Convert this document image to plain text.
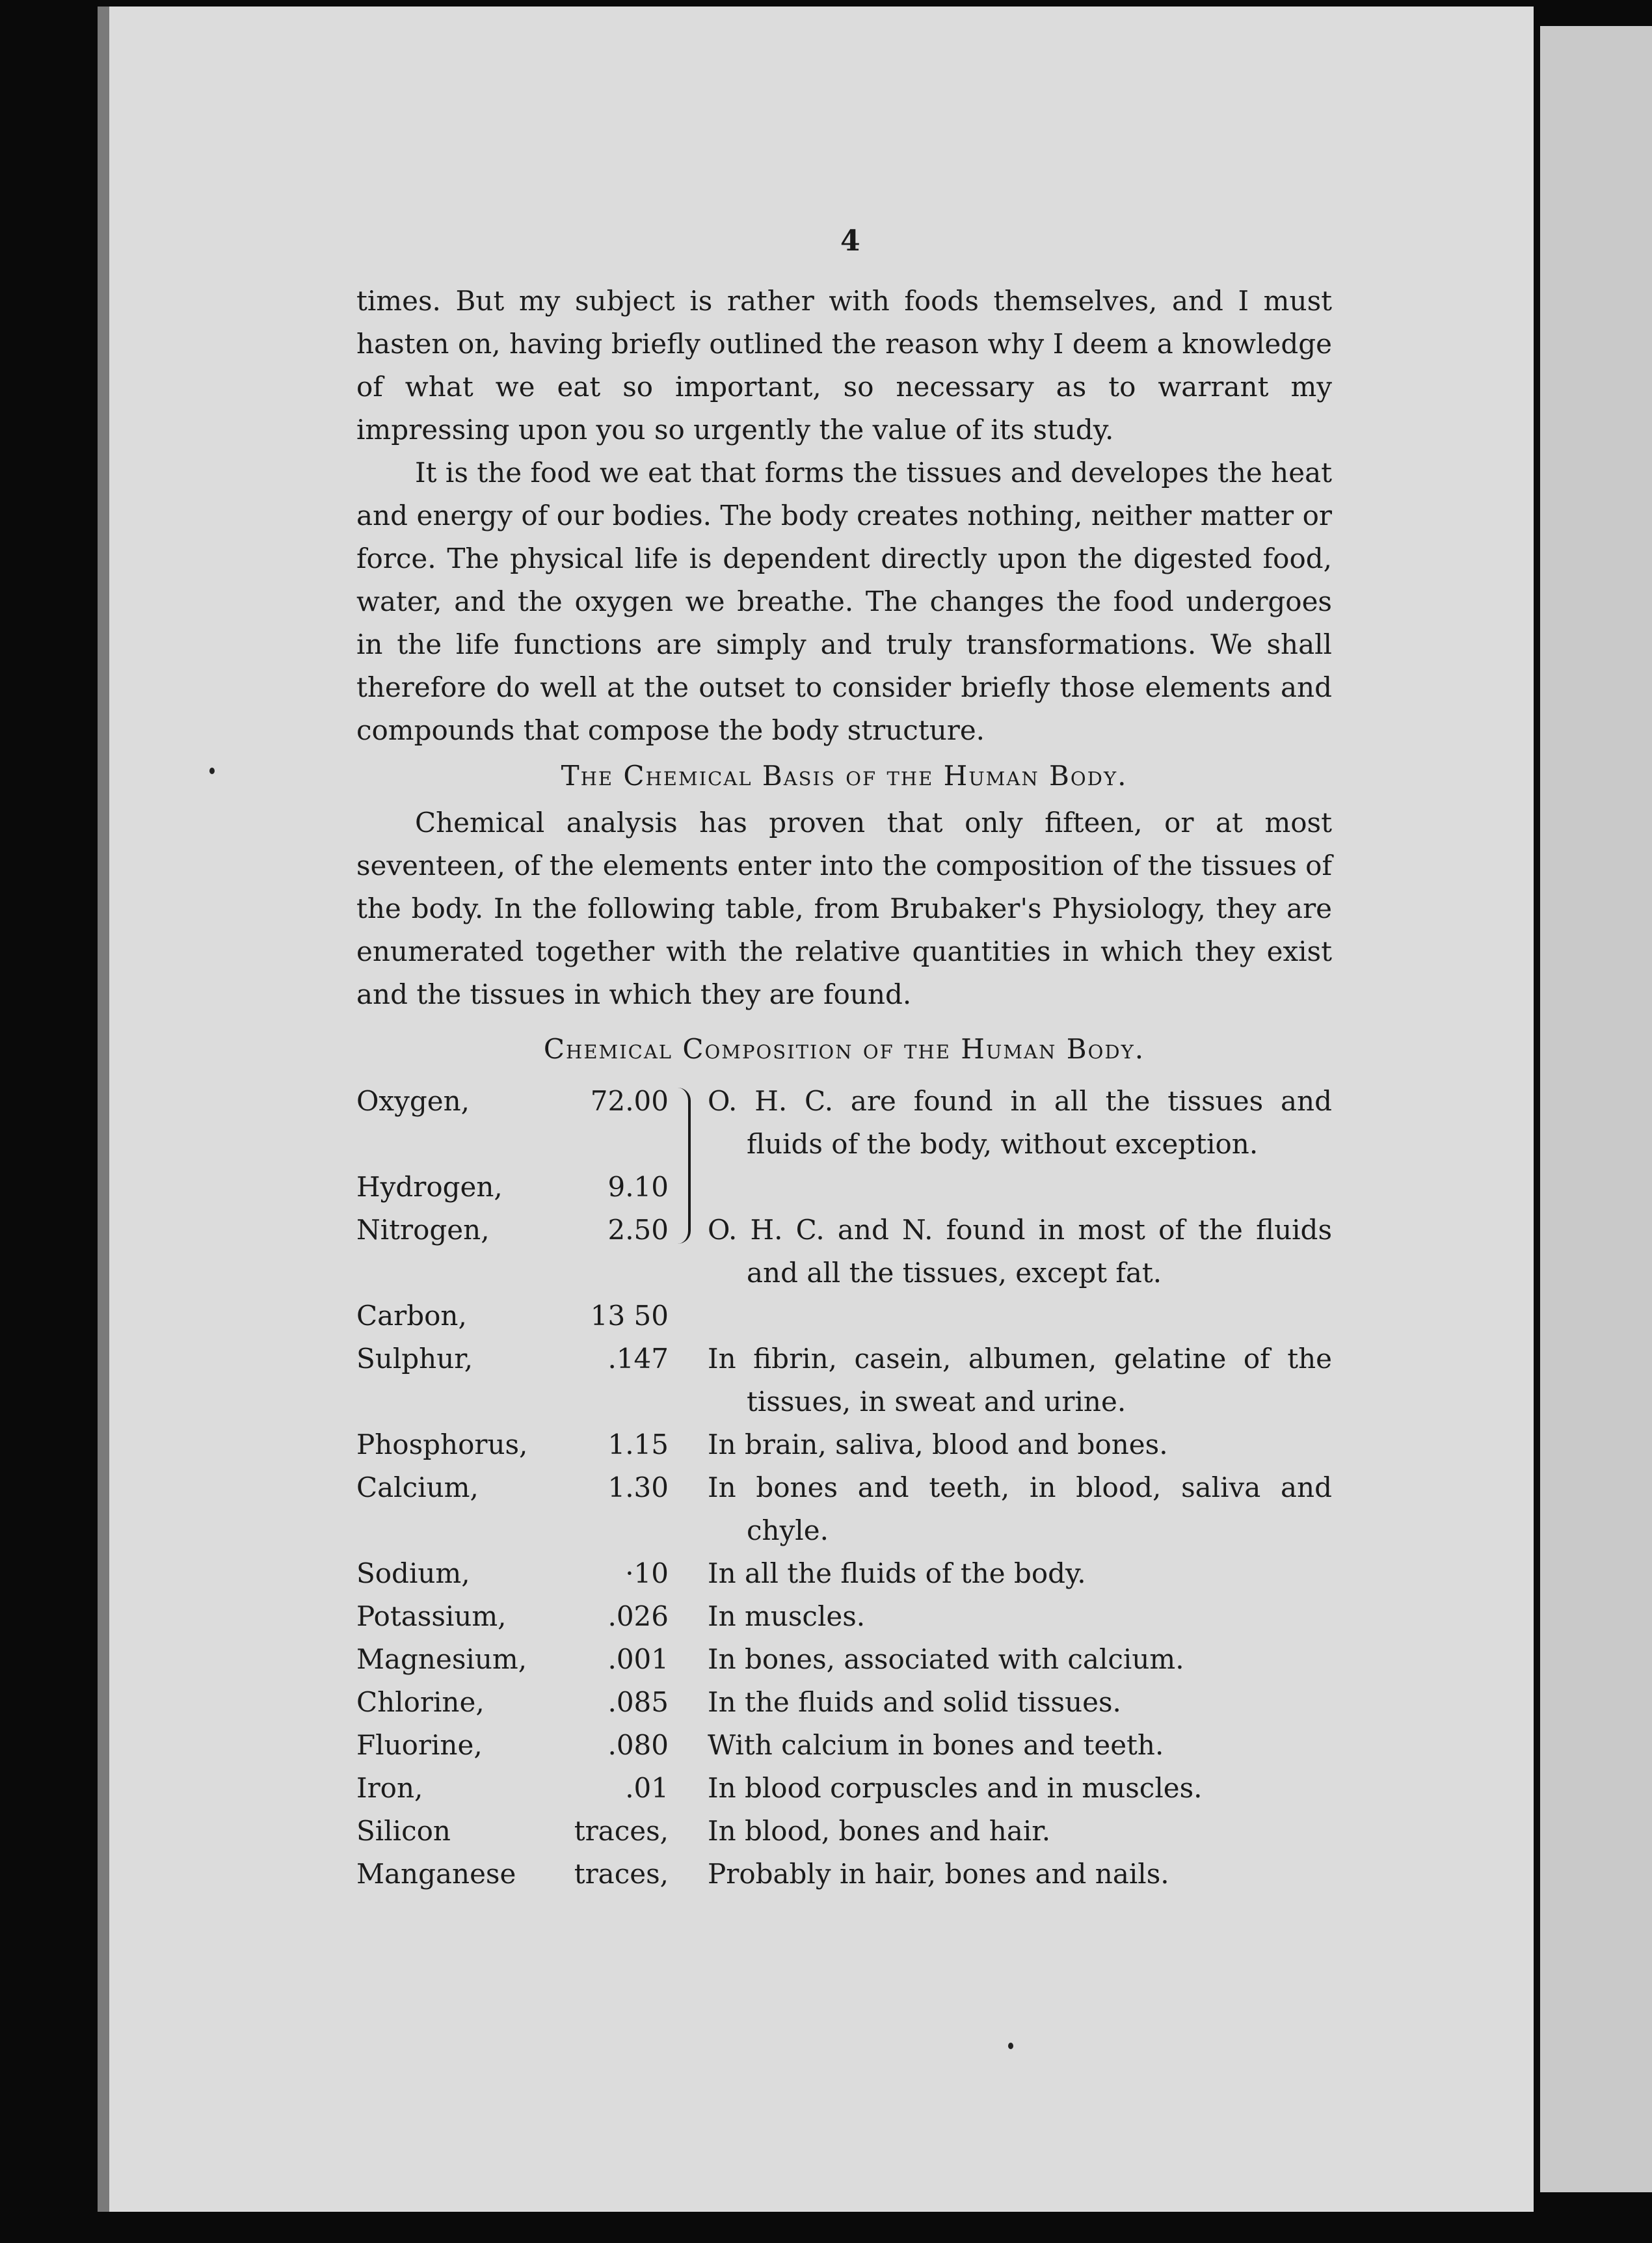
4

times. But my subject is rather with foods themselves, and I must hasten on, having briefly outlined the reason why I deem a knowledge of what we eat so important, so necessary as to warrant my impressing upon you so urgently the value of its study.

It is the food we eat that forms the tissues and developes the heat and energy of our bodies. The body creates nothing, neither matter or force. The physical life is dependent directly upon the digested food, water, and the oxygen we breathe. The changes the food undergoes in the life functions are simply and truly transformations. We shall therefore do well at the outset to consider briefly those elements and compounds that compose the body structure.

The Chemical Basis of the Human Body.

Chemical analysis has proven that only fifteen, or at most seventeen, of the elements enter into the composition of the tissues of the body. In the following table, from Brubaker's Physiology, they are enumerated together with the relative quantities in which they exist and the tissues in which they are found.

Chemical Composition of the Human Body.
Oxygen,	72.00 O. H. C. are found in all the tissues and fluids of the body, without exception.
Hydrogen,	9.10
Nitrogen,	2.50 O. H. C. and N. found in most of the fluids and all the tissues, except fat.
Carbon,	13 50
Sulphur,	.147 In fibrin, casein, albumen, gelatine of the tissues, in sweat and urine.
Phosphorus,	1.15 In brain, saliva, blood and bones.
Calcium,	1.30 In bones and teeth, in blood, saliva and chyle.
Sodium,	·10 In all the fluids of the body.
Potassium,	.026 In muscles.
Magnesium,	.001 In bones, associated with calcium.
Chlorine,	.085 In the fluids and solid tissues.
Fluorine,	.080 With calcium in bones and teeth.
Iron,	.01 In blood corpuscles and in muscles.
Silicon	traces, In blood, bones and hair.
Manganese	traces, Probably in hair, bones and nails.
